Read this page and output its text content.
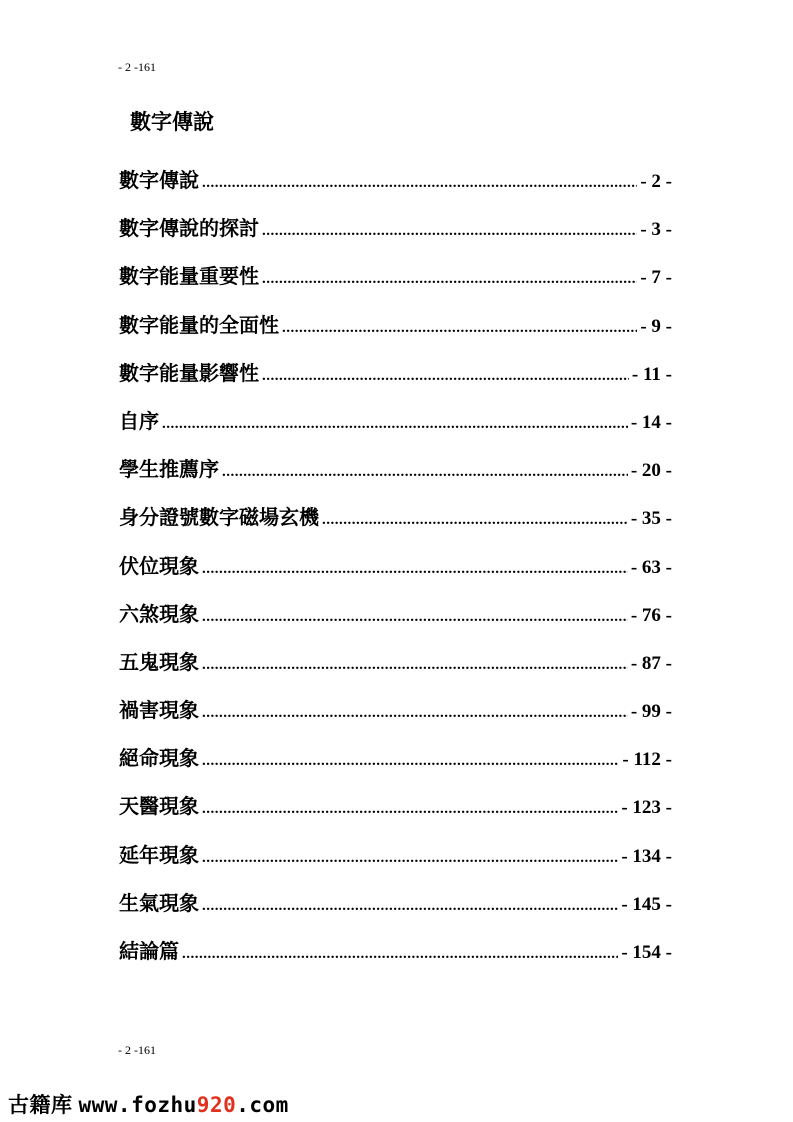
- 2 -161
數字傳說
數字傳說 .....	- 2 -
數字傳說的探討 .....	- 3 -
數字能量重要性 .....	- 7 -
數字能量的全面性 .....	- 9 -
數字能量影響性 .....	- 11 -
自序 .....	- 14 -
學生推薦序 .....	- 20 -
身分證號數字磁場玄機 .....	- 35 -
伏位現象 .....	- 63 -
六煞現象 .....	- 76 -
五鬼現象 .....	- 87 -
禍害現象 .....	- 99 -
絕命現象 .....	- 112 -
天醫現象 .....	- 123 -
延年現象 .....	- 134 -
生氣現象 .....	- 145 -
結論篇 .....	- 154 -
- 2 -161
古籍库 www.fozhu920.com
